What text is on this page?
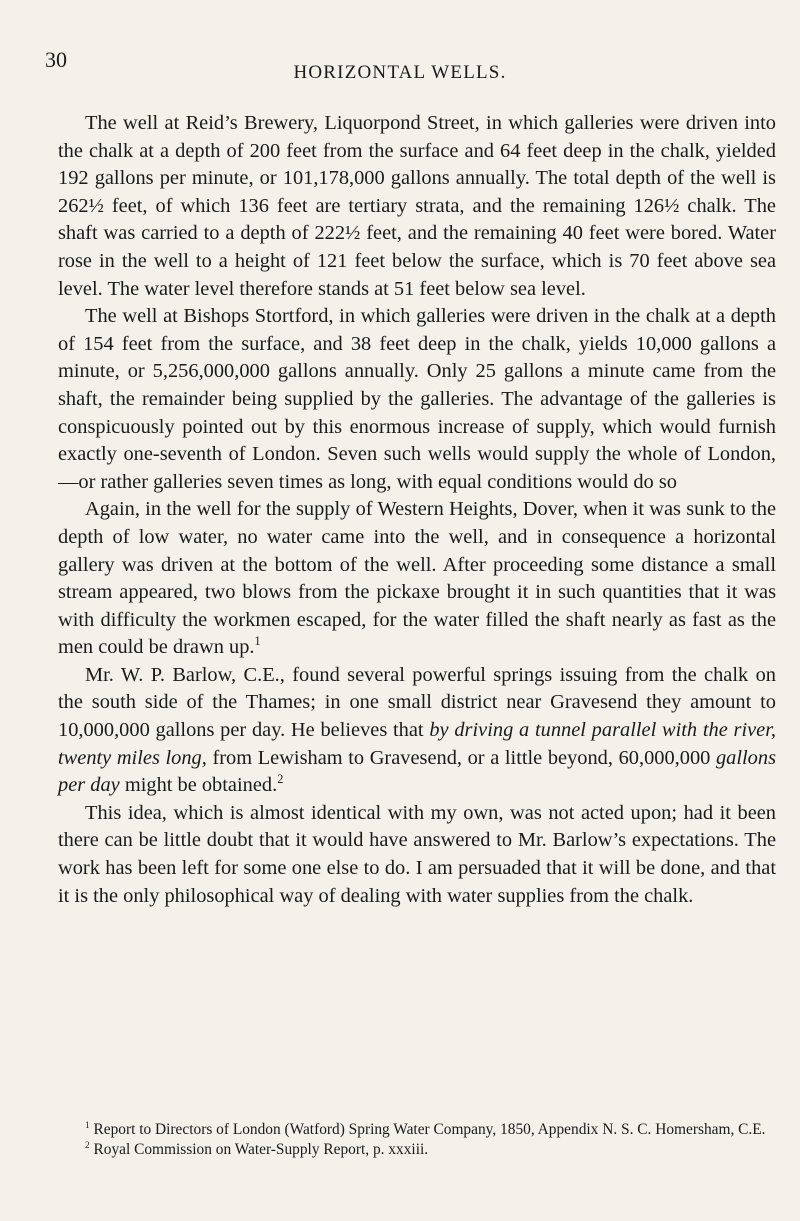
30
HORIZONTAL WELLS.

The well at Reid’s Brewery, Liquorpond Street, in which galleries were driven into the chalk at a depth of 200 feet from the surface and 64 feet deep in the chalk, yielded 192 gallons per minute, or 101,178,000 gallons annually. The total depth of the well is 262½ feet, of which 136 feet are tertiary strata, and the remaining 126½ chalk. The shaft was carried to a depth of 222½ feet, and the remaining 40 feet were bored. Water rose in the well to a height of 121 feet below the surface, which is 70 feet above sea level. The water level therefore stands at 51 feet below sea level.

The well at Bishops Stortford, in which galleries were driven in the chalk at a depth of 154 feet from the surface, and 38 feet deep in the chalk, yields 10,000 gallons a minute, or 5,256,000,000 gallons annually. Only 25 gallons a minute came from the shaft, the remainder being supplied by the galleries. The advantage of the galleries is conspicuously pointed out by this enormous increase of supply, which would furnish exactly one-seventh of London. Seven such wells would supply the whole of London,—or rather galleries seven times as long, with equal conditions would do so

Again, in the well for the supply of Western Heights, Dover, when it was sunk to the depth of low water, no water came into the well, and in consequence a horizontal gallery was driven at the bottom of the well. After proceeding some distance a small stream appeared, two blows from the pickaxe brought it in such quantities that it was with difficulty the workmen escaped, for the water filled the shaft nearly as fast as the men could be drawn up.$^1$

Mr. W. P. Barlow, C.E., found several powerful springs issuing from the chalk on the south side of the Thames; in one small district near Gravesend they amount to 10,000,000 gallons per day. He believes that by driving a tunnel parallel with the river, twenty miles long, from Lewisham to Gravesend, or a little beyond, 60,000,000 gallons per day might be obtained.$^2$

This idea, which is almost identical with my own, was not acted upon; had it been there can be little doubt that it would have answered to Mr. Barlow’s expectations. The work has been left for some one else to do. I am persuaded that it will be done, and that it is the only philosophical way of dealing with water supplies from the chalk.

$^1$ Report to Directors of London (Watford) Spring Water Company, 1850, Appendix N. S. C. Homersham, C.E.

$^2$ Royal Commission on Water-Supply Report, p. xxxiii.
